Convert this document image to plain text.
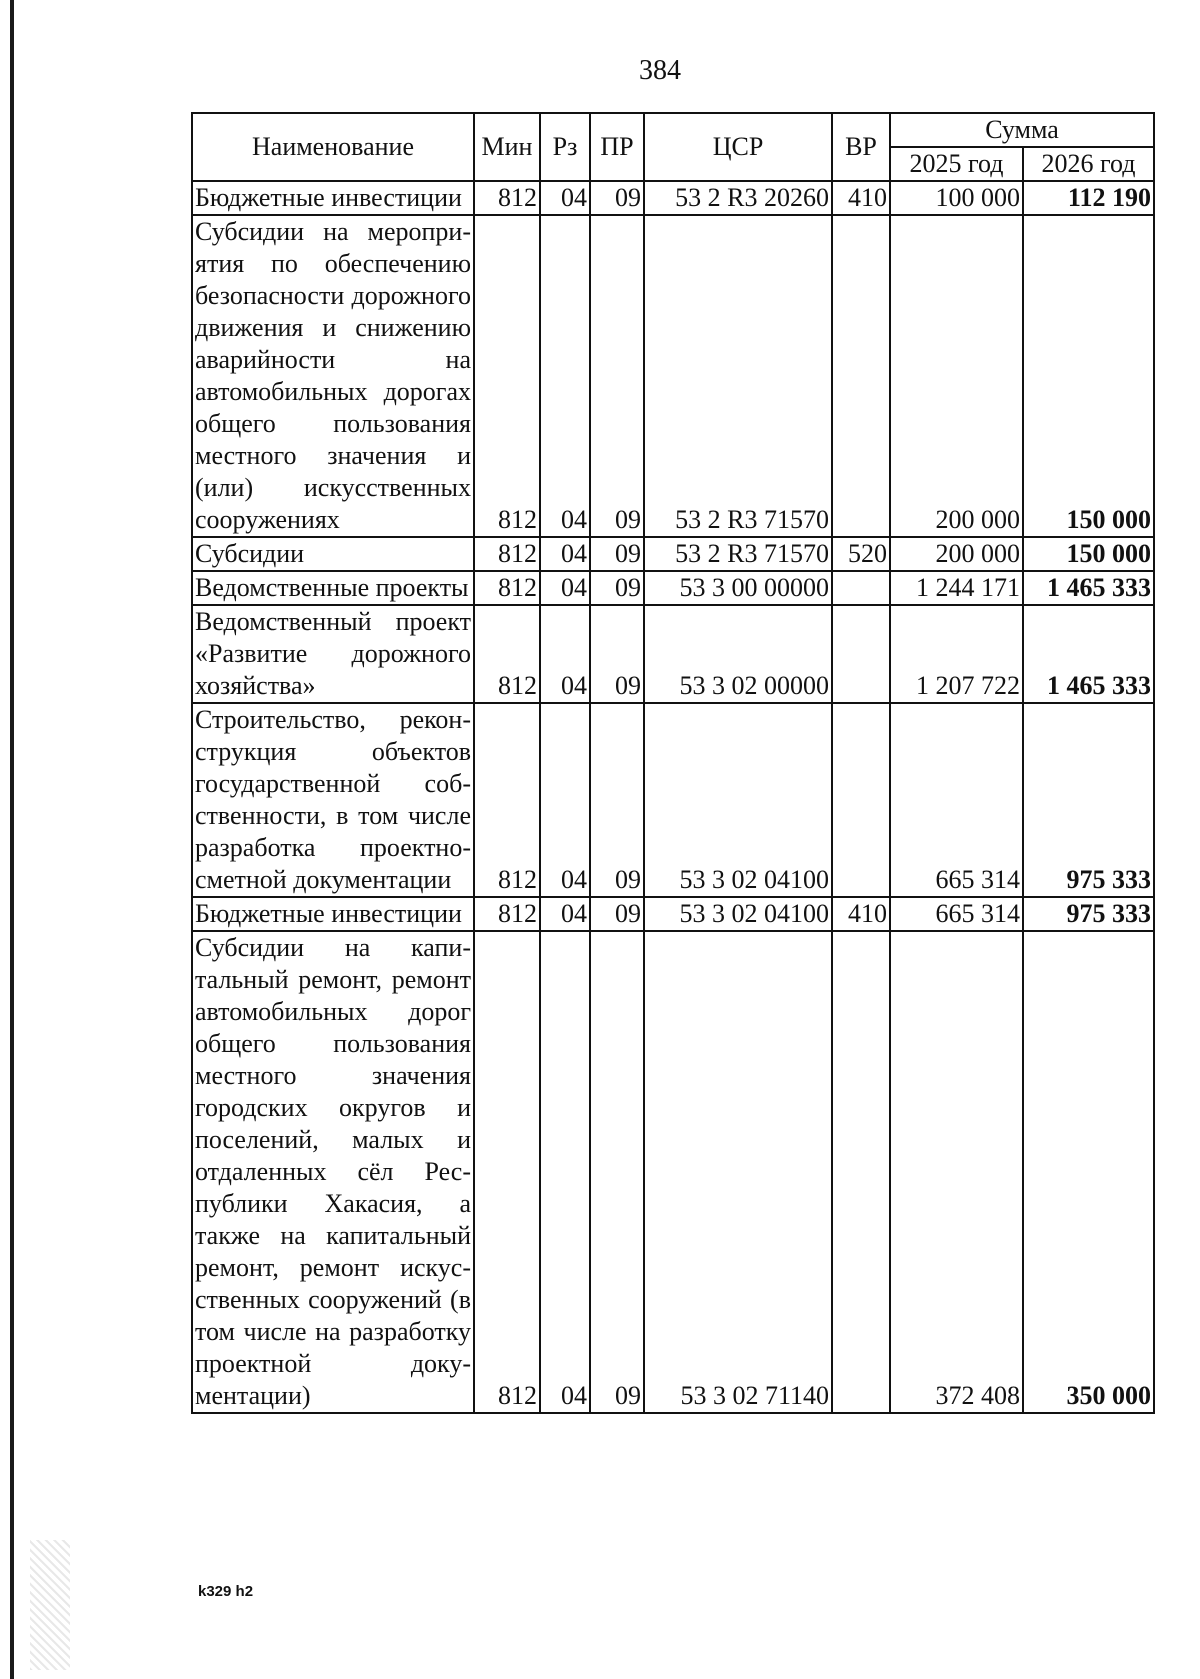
384
Наименование	Мин	Рз	ПР	ЦСР	ВР	Сумма	
						2025 год	2026 год
Бюджетные инвестиции	812	04	09	53 2 R3 20260	410	100 000	112 190
Субсидии на мероприятия по обеспечению безопасности дорожного движения и снижению аварийности на автомобильных дорогах общего пользования местного значения и (или) искусственных сооружениях	812	04	09	53 2 R3 71570		200 000	150 000
Субсидии	812	04	09	53 2 R3 71570	520	200 000	150 000
Ведомственные проекты	812	04	09	53 3 00 00000		1 244 171	1 465 333
Ведомственный проект «Развитие дорожного хозяйства»	812	04	09	53 3 02 00000		1 207 722	1 465 333
Строительство, реконструкция объектов государственной собственности, в том числе разработка проектно-сметной документации	812	04	09	53 3 02 04100		665 314	975 333
Бюджетные инвестиции	812	04	09	53 3 02 04100	410	665 314	975 333
Субсидии на капитальный ремонт, ремонт автомобильных дорог общего пользования местного значения городских округов и поселений, малых и отдаленных сёл Республики Хакасия, а также на капитальный ремонт, ремонт искусственных сооружений (в том числе на разработку проектной документации)	812	04	09	53 3 02 71140		372 408	350 000
k329 h2
